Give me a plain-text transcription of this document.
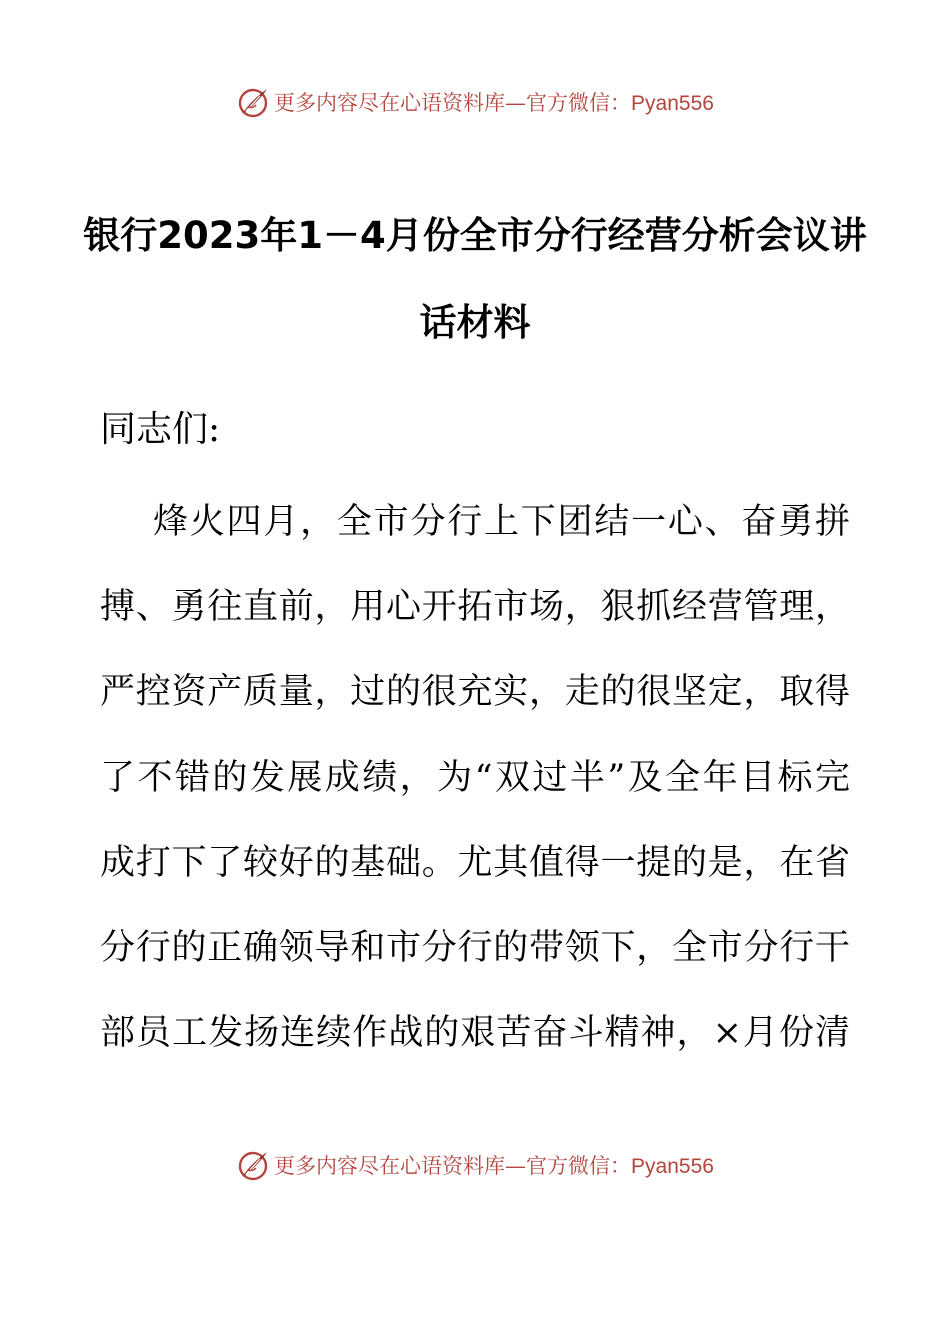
更多内容尽在心语资料库—官方微信：Pyan556
银行2023年1－4月份全市分行经营分析会议讲
话材料
同志们:
烽火四月，全市分行上下团结一心、奋勇拼
搏、勇往直前，用心开拓市场，狠抓经营管理，
严控资产质量，过的很充实，走的很坚定，取得
了不错的发展成绩，为“双过半”及全年目标完
成打下了较好的基础。尤其值得一提的是，在省
分行的正确领导和市分行的带领下，全市分行干
部员工发扬连续作战的艰苦奋斗精神，×月份清
更多内容尽在心语资料库—官方微信：Pyan556
